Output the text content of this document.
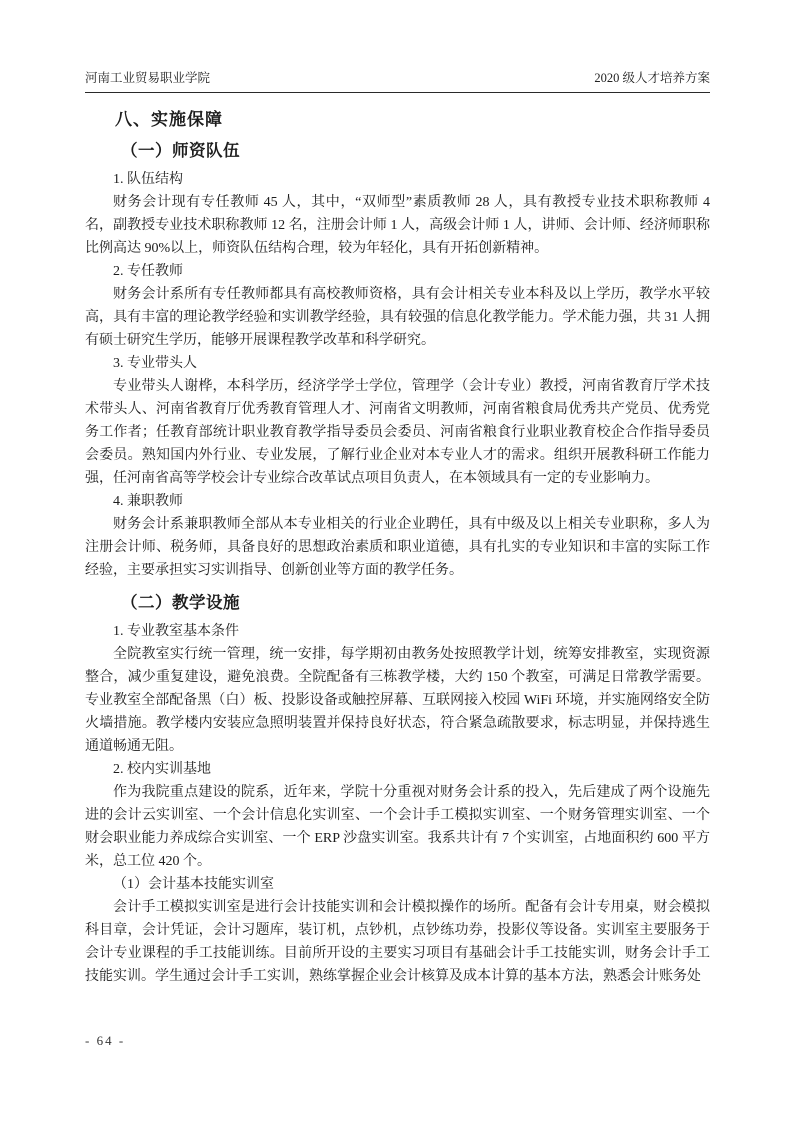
河南工业贸易职业学院	2020 级人才培养方案
八、实施保障
（一）师资队伍
1. 队伍结构

财务会计现有专任教师 45 人，其中，“双师型”素质教师 28 人，具有教授专业技术职称教师 4 名，副教授专业技术职称教师 12 名，注册会计师 1 人，高级会计师 1 人，讲师、会计师、经济师职称比例高达 90%以上，师资队伍结构合理，较为年轻化，具有开拓创新精神。

2. 专任教师

财务会计系所有专任教师都具有高校教师资格，具有会计相关专业本科及以上学历，教学水平较高，具有丰富的理论教学经验和实训教学经验，具有较强的信息化教学能力。学术能力强，共 31 人拥有硕士研究生学历，能够开展课程教学改革和科学研究。

3. 专业带头人

专业带头人谢桦，本科学历，经济学学士学位，管理学（会计专业）教授，河南省教育厅学术技术带头人、河南省教育厅优秀教育管理人才、河南省文明教师，河南省粮食局优秀共产党员、优秀党务工作者；任教育部统计职业教育教学指导委员会委员、河南省粮食行业职业教育校企合作指导委员会委员。熟知国内外行业、专业发展，了解行业企业对本专业人才的需求。组织开展教科研工作能力强，任河南省高等学校会计专业综合改革试点项目负责人，在本领域具有一定的专业影响力。

4. 兼职教师

财务会计系兼职教师全部从本专业相关的行业企业聘任，具有中级及以上相关专业职称，多人为注册会计师、税务师，具备良好的思想政治素质和职业道德，具有扎实的专业知识和丰富的实际工作经验，主要承担实习实训指导、创新创业等方面的教学任务。

（二）教学设施
1. 专业教室基本条件

全院教室实行统一管理，统一安排，每学期初由教务处按照教学计划，统筹安排教室，实现资源整合，减少重复建设，避免浪费。全院配备有三栋教学楼，大约 150 个教室，可满足日常教学需要。专业教室全部配备黑（白）板、投影设备或触控屏幕、互联网接入校园 WiFi 环境，并实施网络安全防火墙措施。教学楼内安装应急照明装置并保持良好状态，符合紧急疏散要求，标志明显，并保持逃生通道畅通无阻。

2. 校内实训基地

作为我院重点建设的院系，近年来，学院十分重视对财务会计系的投入，先后建成了两个设施先进的会计云实训室、一个会计信息化实训室、一个会计手工模拟实训室、一个财务管理实训室、一个财会职业能力养成综合实训室、一个 ERP 沙盘实训室。我系共计有 7 个实训室，占地面积约 600 平方米，总工位 420 个。

（1）会计基本技能实训室

会计手工模拟实训室是进行会计技能实训和会计模拟操作的场所。配备有会计专用桌，财会模拟科目章，会计凭证，会计习题库，装订机，点钞机，点钞练功券，投影仪等设备。实训室主要服务于会计专业课程的手工技能训练。目前所开设的主要实习项目有基础会计手工技能实训，财务会计手工技能实训。学生通过会计手工实训，熟练掌握企业会计核算及成本计算的基本方法，熟悉会计账务处

- 64 -
